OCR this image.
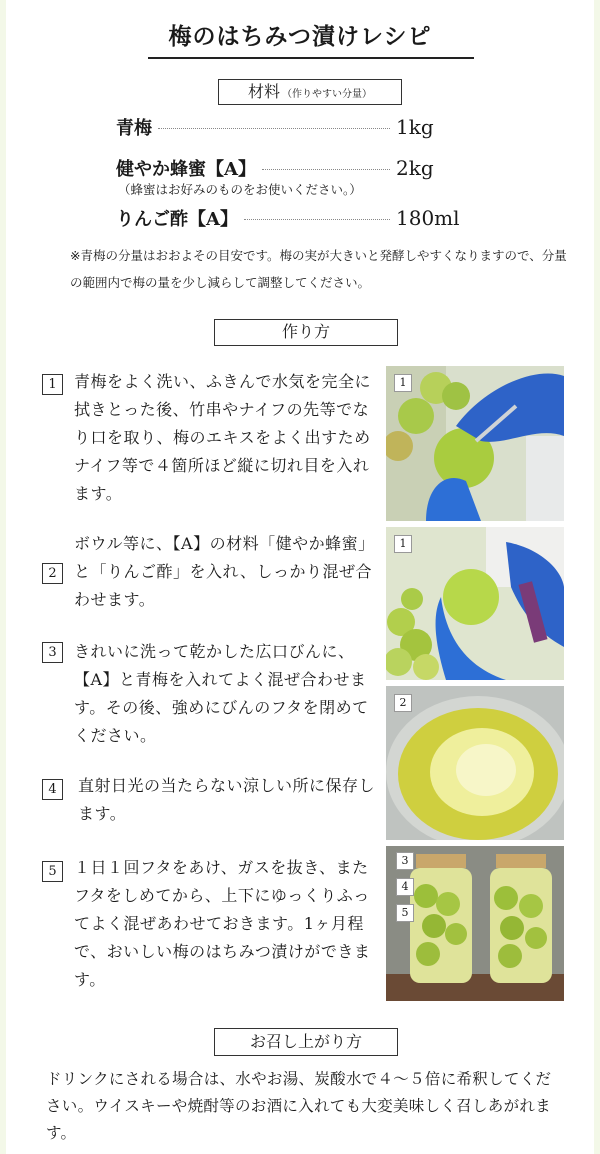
梅のはちみつ漬けレシピ
材料 （作りやすい分量）
青梅	1kg
健やか蜂蜜【A】	2kg
（蜂蜜はお好みのものをお使いください。）
りんご酢【A】	180ml
※青梅の分量はおおよその目安です。梅の実が大きいと発酵しやすくなりますので、分量の範囲内で梅の量を少し減らして調整してください。
作り方
1	青梅をよく洗い、ふきんで水気を完全に拭きとった後、竹串やナイフの先等でなり口を取り、梅のエキスをよく出すためナイフ等で４箇所ほど縦に切れ目を入れます。
2
ボウル等に、【A】の材料「健やか蜂蜜」と「りんご酢」を入れ、しっかり混ぜ合わせます。
3	きれいに洗って乾かした広口びんに、【A】と青梅を入れてよく混ぜ合わせます。その後、強めにびんのフタを閉めてください。
4	直射日光の当たらない涼しい所に保存します。
5	１日１回フタをあけ、ガスを抜き、またフタをしめてから、上下にゆっくりふってよく混ぜあわせておきます。1ヶ月程で、おいしい梅のはちみつ漬けができます。
1
1
2
3
4
5
お召し上がり方
ドリンクにされる場合は、水やお湯、炭酸水で４〜５倍に希釈してください。ウイスキーや焼酎等のお酒に入れても大変美味しく召しあがれます。
